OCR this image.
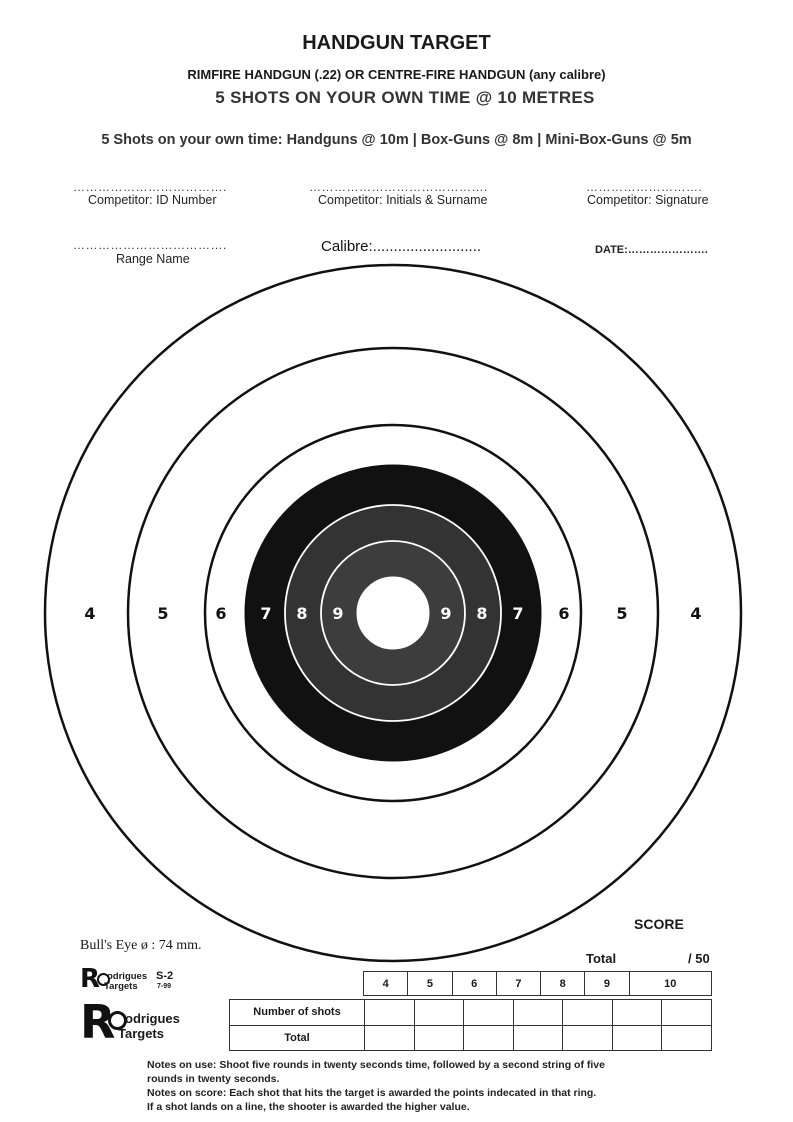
HANDGUN TARGET
RIMFIRE HANDGUN (.22) OR CENTRE-FIRE HANDGUN (any calibre)
5 SHOTS ON YOUR OWN TIME @ 10 METRES
5 Shots on your own time: Handguns @ 10m | Box-Guns @ 8m | Mini-Box-Guns @ 5m
……………………………….
Competitor: ID Number
…………………………………….
Competitor: Initials & Surname
……………………….
Competitor: Signature
……………………………….
Range Name
Calibre:..........................	DATE:………………….
4	5	6 7 8 9	9 8 7 6	5	4
Bull's Eye ø : 74 mm.
SCORE
Total	/ 50
R odrigues
Targets
S-2
7-99
R odrigues
Targets
4	5	6	7	8	9	10
Number of shots							
Total							
Notes on use: Shoot five rounds in twenty seconds time, followed by a second string of five
rounds in twenty seconds.
Notes on score: Each shot that hits the target is awarded the points indecated in that ring.
If a shot lands on a line, the shooter is awarded the higher value.
